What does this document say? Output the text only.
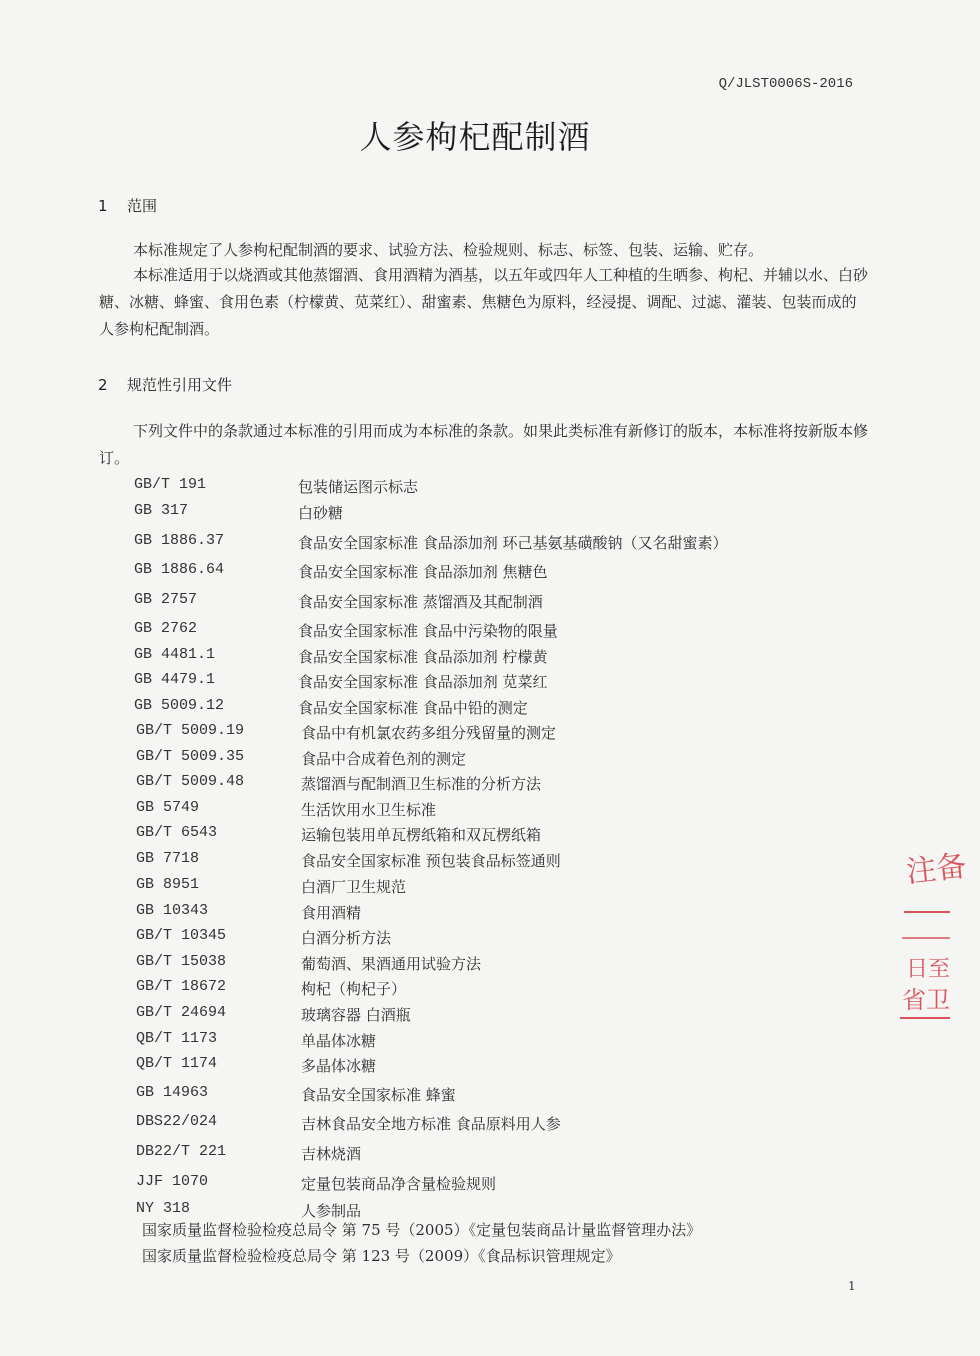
Q/JLST0006S-2016
人参枸杞配制酒
1 范围

本标准规定了人参枸杞配制酒的要求、试验方法、检验规则、标志、标签、包装、运输、贮存。

本标准适用于以烧酒或其他蒸馏酒、食用酒精为酒基，以五年或四年人工种植的生晒参、枸杞、并辅以水、白砂糖、冰糖、蜂蜜、食用色素（柠檬黄、苋菜红）、甜蜜素、焦糖色为原料，经浸提、调配、过滤、灌装、包装而成的人参枸杞配制酒。

2 规范性引用文件

下列文件中的条款通过本标准的引用而成为本标准的条款。如果此类标准有新修订的版本，本标准将按新版本修订。

GB/T 191	包装储运图示标志
GB 317	白砂糖
GB 1886.37	食品安全国家标准 食品添加剂 环己基氨基磺酸钠（又名甜蜜素）
GB 1886.64	食品安全国家标准 食品添加剂 焦糖色
GB 2757	食品安全国家标准 蒸馏酒及其配制酒
GB 2762	食品安全国家标准 食品中污染物的限量
GB 4481.1	食品安全国家标准 食品添加剂 柠檬黄
GB 4479.1	食品安全国家标准 食品添加剂 苋菜红
GB 5009.12	食品安全国家标准 食品中铅的测定
GB/T 5009.19	食品中有机氯农药多组分残留量的测定
GB/T 5009.35	食品中合成着色剂的测定
GB/T 5009.48	蒸馏酒与配制酒卫生标准的分析方法
GB 5749	生活饮用水卫生标准
GB/T 6543	运输包装用单瓦楞纸箱和双瓦楞纸箱
GB 7718	食品安全国家标准 预包装食品标签通则
GB 8951	白酒厂卫生规范
GB 10343	食用酒精
GB/T 10345	白酒分析方法
GB/T 15038	葡萄酒、果酒通用试验方法
GB/T 18672	枸杞（枸杞子）
GB/T 24694	玻璃容器 白酒瓶
QB/T 1173	单晶体冰糖
QB/T 1174	多晶体冰糖
GB 14963	食品安全国家标准 蜂蜜
DBS22/024	吉林食品安全地方标准 食品原料用人参
DB22/T 221	吉林烧酒
JJF 1070	定量包装商品净含量检验规则
NY 318	人参制品
国家质量监督检验检疫总局令 第 75 号（2005）《定量包装商品计量监督管理办法》
国家质量监督检验检疫总局令 第 123 号（2009）《食品标识管理规定》
1
注备
日至
省卫
